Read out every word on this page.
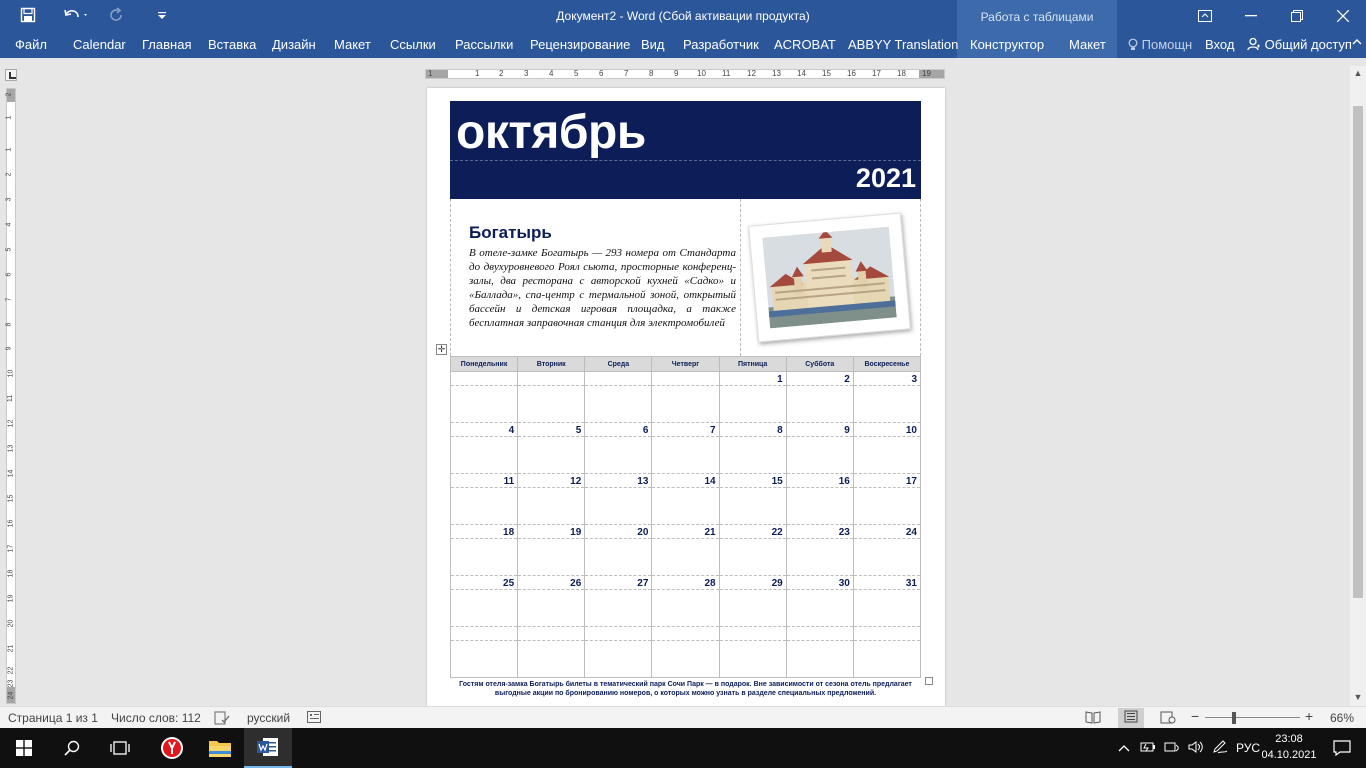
Документ2 - Word (Сбой активации продукта)	Работа с таблицами
Файл Calendar Главная Вставка Дизайн Макет Ссылки Рассылки Рецензирование Вид Разработчик ACROBAT ABBYY Translation Конструктор Макет	Помощн Вход	Общий доступ
1	1 2	3	4	5	6	7	8	9 10 11 12 13 14 15 16 17 18 19
2
1
1
2
3
4
5
6
7
8
9
10
11
12
13
14
15
16
17
18
19
20
21
22
23
24
октябрь
2021
Богатырь
В отеле-замке Богатырь — 293 номера от Стандарта до двухуровневого Роял сьюта, просторные конференц-залы, два ресторана с авторской кухней «Садко» и «Баллада», спа-центр с термальной зоной, открытый бассейн и детская игровая площадка, а также бесплатная заправочная станция для электромобилей
✛
Понедельник	Вторник	Среда	Четверг	Пятница	Суббота	Воскресенье
				1	2	3

4	5	6	7	8	9	10

11	12	13	14	15	16	17

18	19	20	21	22	23	24

25	26	27	28	29	30	31

Гостям отеля-замка Богатырь билеты в тематический парк Сочи Парк — в подарок. Вне зависимости от сезона отель предлагает выгодные акции по бронированию номеров, о которых можно узнать в разделе специальных предложений.
▲
▼
Страница 1 из 1 Число слов: 112	русский	−	+ 66%
РУС
23:08
04.10.2021
